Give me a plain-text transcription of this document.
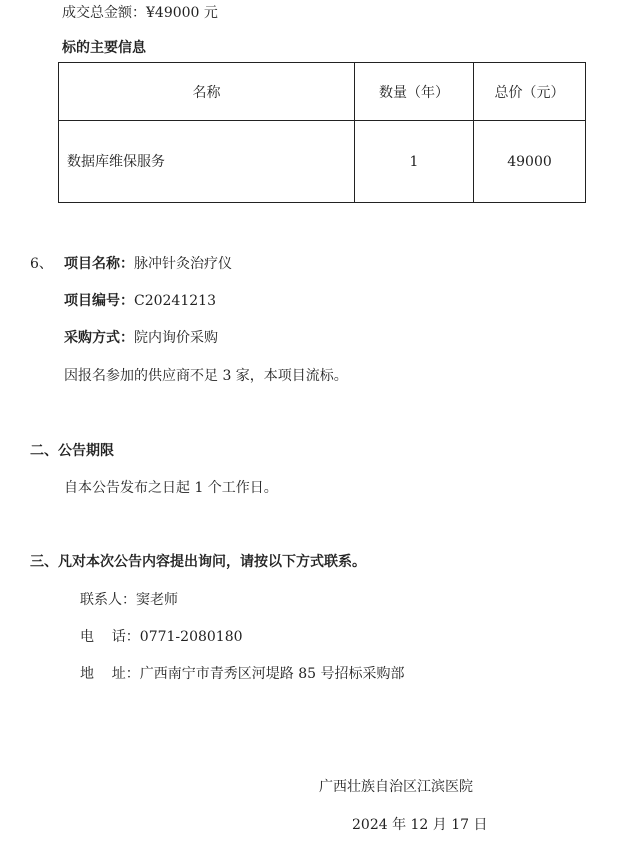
成交总金额：¥49000 元
标的主要信息
名称	数量（年）	总价（元）
数据库维保服务	1	49000
6、 项目名称：脉冲针灸治疗仪
项目编号：C20241213
采购方式：院内询价采购
因报名参加的供应商不足 3 家，本项目流标。
二、公告期限
自本公告发布之日起 1 个工作日。
三、凡对本次公告内容提出询问，请按以下方式联系。
联系人：窦老师
电    话：0771-2080180
地    址：广西南宁市青秀区河堤路 85 号招标采购部
广西壮族自治区江滨医院
2024 年 12 月 17 日
